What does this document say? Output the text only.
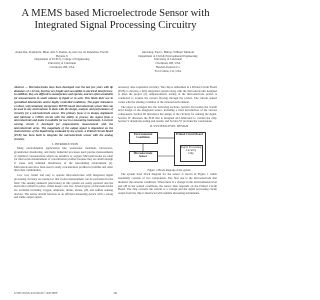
A MEMS based Microelectrode Sensor with Integrated Signal Processing Circuitry
Aiqun Dai, Prashant R. Bhatt, Alla S. Kumar, Ju-wen Liu, Jai Rajendran, Fred R. Beyette Jr
Department of ECECS, College of Engineering
University of Cincinnati
Cincinnati, OH, USA
Ann Ising, Paul L. Bishop, William Timmons
Department of Civil & Environmental Engineering
University of Cincinnati
Cincinnati, OH, USA
Hewlett-Packard Co.
Fort Collins, CO, USA

Abstract — Microelectrodes have been developed over the last few years with tip diameters of 1-10 um, but they are fragile and susceptible to electrical interference. In addition, they are difficult to manufacture and operate, and are often unsuitable for measurements in small volumes of liquid or in soils. This limits their use in specialized laboratories and/or highly controlled conditions. The paper introduces a robust, self-contained, inexpensive MEMS based microelectrode sensor that can be used in any environment. It deals with the design, analysis and performance of circuitry for a microelectrode sensor. The primary focus is to design, implement and fabricate a CMOS circuit with the ability to process the signal from a microelectrode and make it available for use in a measuring instrument. A current sensing circuit is developed for amperometric measurement with the microelectrode array. The magnitude of the output signal is dependent on the characteristics of the liquid being evaluated by the system. A Printed Circuit Board (PCB) has been built to integrate the microelectrode sensor with the analog circuitry.

I. INTRODUCTION

Many environmental applications like wastewater treatment, bioreactors, groundwater monitoring, and many industrial processes need precise measurements of chemical concentrations which are sensitive to oxygen. Microelectrodes are ideal for microscale measurement of concentration profiles because they are small enough to cause only minimal disturbance of the surrounding environment [1]. Microelectrodes have been used to study concentration profiles in biofilms and other microbial communities.

Low cost, robust and easy to operate microelectrodes with integrated signal processing circuitry are needed so that in-situ measurement can be performed in the field. The sensing elements (electrodes) in this system are easily replaced and the electronics remain in place, which keeps costs low. Several types of microelectrodes are available including oxygen, ammonia, nitrite, nitrate, pH, and sulfide sensing devices. The sensor should function as an efficient measuring device with a strong and stable output signal.

necessary data acquisition circuitry. The chip is embedded in a Printed Circuit Board (PCB) to develop a fully integrated system along with the microelectrodes designed to meet the project [2]. Ampereometric testing of the microelectrode probes is conducted to acquire the current flowing through the probes. The current sensed varies with the altering condition of the external environment.

The paper is arranged into the following sections. Section II provides the overall level design of the integrated sensor, including a brief introduction of the various components. Section III introduces the design of the circuitry for sensing the signal. Section IV discusses the PCB that is designed and fabricated to contain the chip. Section V details the testing and results, and Section VI provides the conclusions.

II. SYSTEM LEVEL DESIGN

Environmental Conditions
Microelectrode Sensor
Printed Circuit Board
Signal Processing Circuitry
Chip

Figure 1: Block diagram of the system

The system level block diagram for the sensor is shown in Figure 1 which essentially consists of two components. The first one is the microelectrode that monitors the external conditions. When there is a change in the environmental level and pH in the sensed conditions, the sensor then responds on the Printed Circuit Board. The chip converts the current to a voltage and the signal processing circuit output from the chip is interfaced with suitable measuring instruments.

0-7803-XXXX-X/05/$20.00 ©2005 IEEE	561
